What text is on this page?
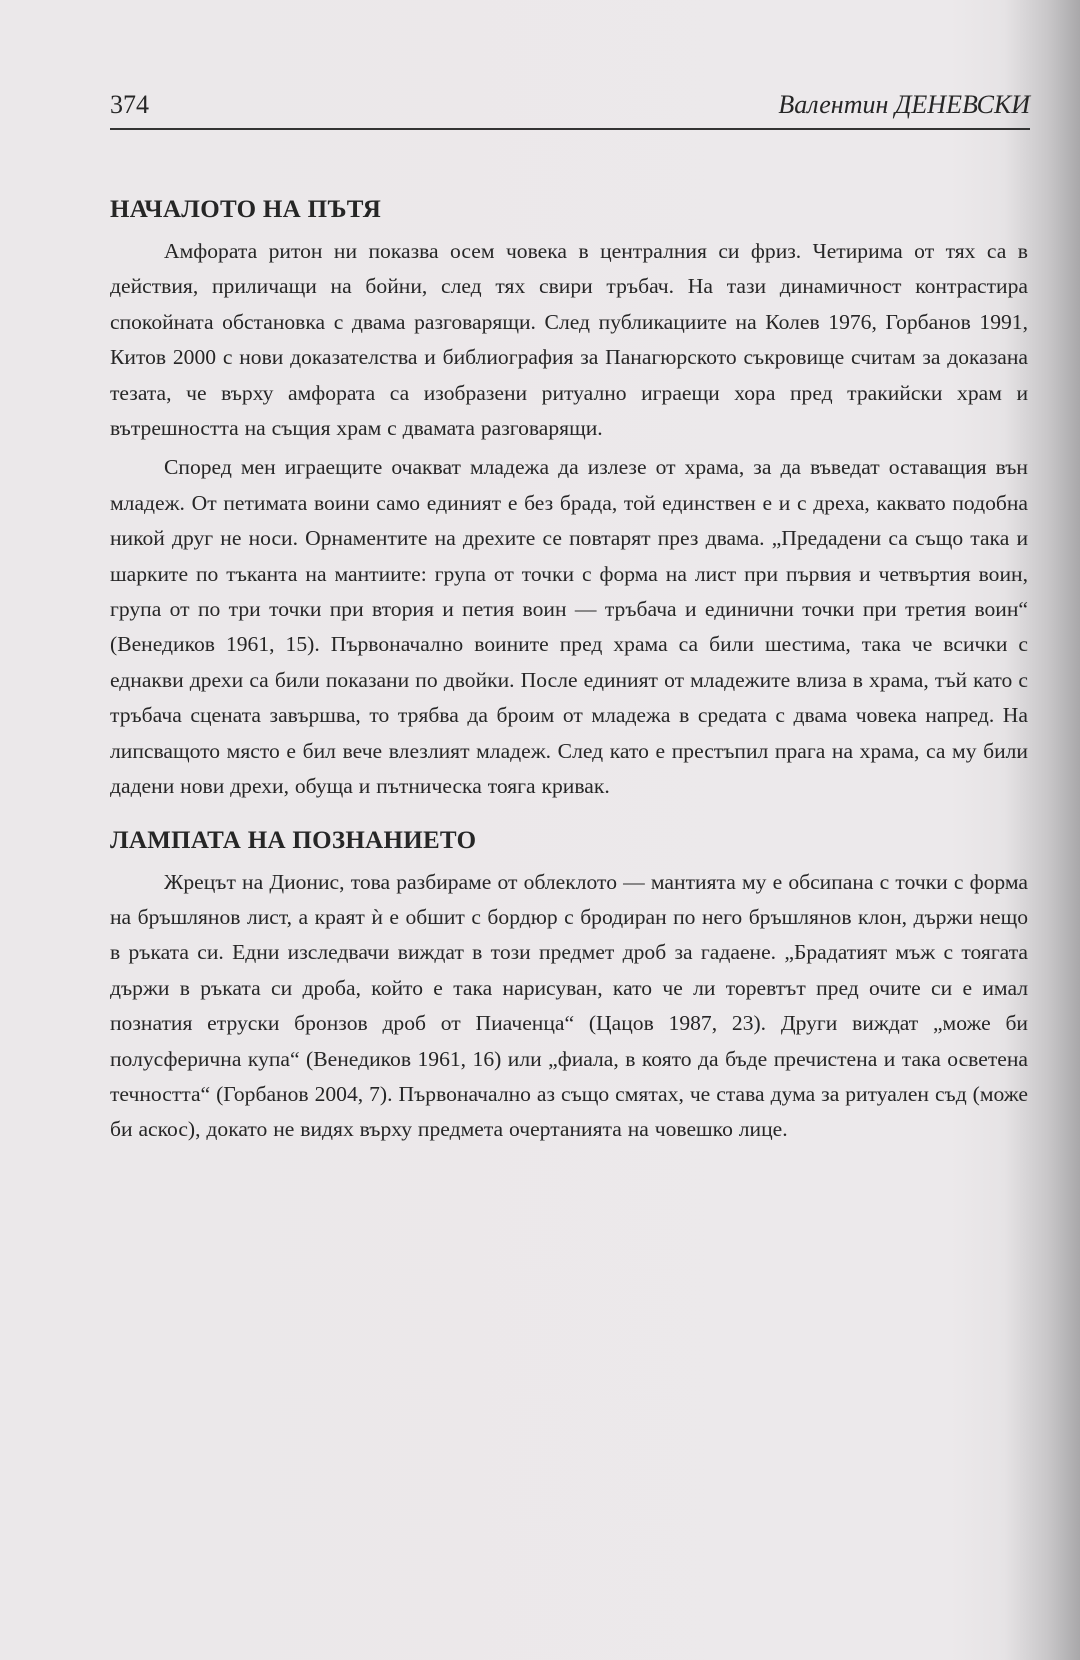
374	Валентин ДЕНЕВСКИ
НАЧАЛОТО НА ПЪТЯ

Амфората ритон ни показва осем човека в централния си фриз. Четирима от тях са в действия, приличащи на бойни, след тях свири тръбач. На тази динамичност контрастира спокойната обстановка с двама разговарящи. След публикациите на Колев 1976, Горбанов 1991, Китов 2000 с нови доказателства и библиография за Панагюрското съкровище считам за доказана тезата, че върху амфората са изобразени ритуално играещи хора пред тракийски храм и вътрешността на същия храм с двамата разговарящи.

Според мен играещите очакват младежа да излезе от храма, за да въведат оставащия вън младеж. От петимата воини само единият е без брада, той единствен е и с дреха, каквато подобна никой друг не носи. Орнаментите на дрехите се повтарят през двама. „Предадени са също така и шарките по тъканта на мантиите: група от точки с форма на лист при първия и четвъртия воин, група от по три точки при втория и петия воин — тръбача и единични точки при третия воин“ (Венедиков 1961, 15). Първоначално воините пред храма са били шестима, така че всички с еднакви дрехи са били показани по двойки. После единият от младежите влиза в храма, тъй като с тръбача сцената завършва, то трябва да броим от младежа в средата с двама човека напред. На липсващото място е бил вече влезлият младеж. След като е престъпил прага на храма, са му били дадени нови дрехи, обуща и пътническа тояга кривак.

ЛАМПАТА НА ПОЗНАНИЕТО

Жрецът на Дионис, това разбираме от облеклото — мантията му е обсипана с точки с форма на бръшлянов лист, а краят ѝ е обшит с бордюр с бродиран по него бръшлянов клон, държи нещо в ръката си. Едни изследвачи виждат в този предмет дроб за гадаене. „Брадатият мъж с тоягата държи в ръката си дроба, който е така нарисуван, като че ли торевтът пред очите си е имал познатия етруски бронзов дроб от Пиаченца“ (Цацов 1987, 23). Други виждат „може би полусферична купа“ (Венедиков 1961, 16) или „фиала, в която да бъде пречистена и така осветена течността“ (Горбанов 2004, 7). Първоначално аз също смятах, че става дума за ритуален съд (може би аскос), докато не видях върху предмета очертанията на човешко лице.
